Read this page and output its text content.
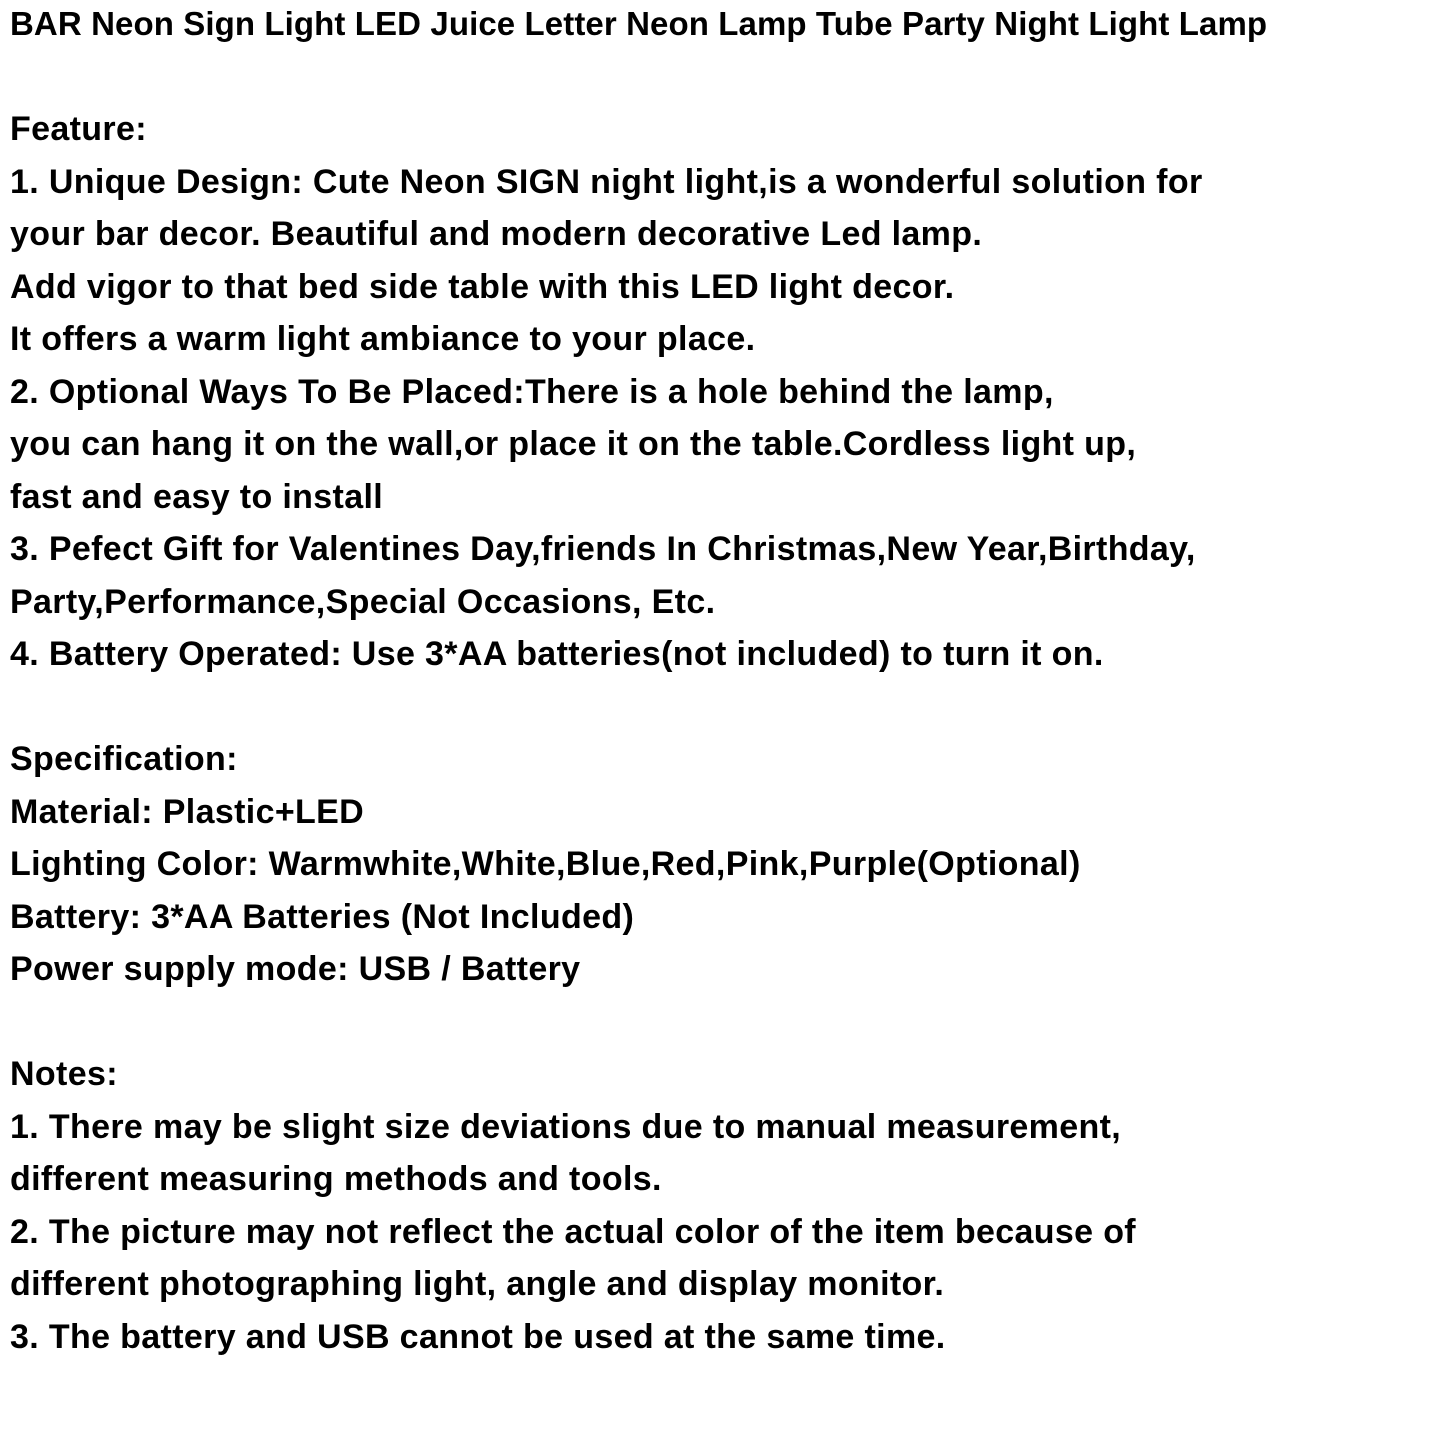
BAR Neon Sign Light LED Juice Letter Neon Lamp Tube Party Night Light Lamp
Feature:
1. Unique Design: Cute Neon SIGN night light,is a wonderful solution for
your bar decor. Beautiful and modern decorative Led lamp.
Add vigor to that bed side table with this LED light decor.
It offers a warm light ambiance to your place.
2. Optional Ways To Be Placed:There is a hole behind the lamp,
you can hang it on the wall,or place it on the table.Cordless light up,
fast and easy to install
3. Pefect Gift for Valentines Day,friends In Christmas,New Year,Birthday,
Party,Performance,Special Occasions, Etc.
4. Battery Operated: Use 3*AA batteries(not included) to turn it on.
Specification:
Material: Plastic+LED
Lighting Color: Warmwhite,White,Blue,Red,Pink,Purple(Optional)
Battery: 3*AA Batteries (Not Included)
Power supply mode: USB / Battery
Notes:
1. There may be slight size deviations due to manual measurement,
different measuring methods and tools.
2. The picture may not reflect the actual color of the item because of
different photographing light, angle and display monitor.
3. The battery and USB cannot be used at the same time.
